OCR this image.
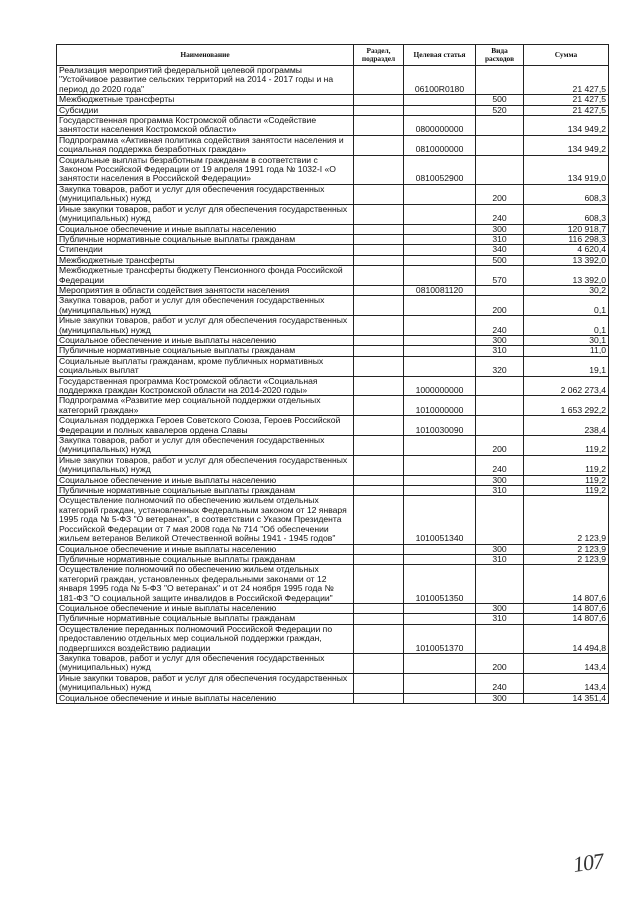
Наименование	Раздел, подраздел	Целевая статья	Вида расходов	Сумма
Реализация мероприятий федеральной целевой программы "Устойчивое развитие сельских территорий на 2014 - 2017 годы и на период до 2020 года"		06100R0180		21 427,5
Межбюджетные трансферты			500	21 427,5
Субсидии			520	21 427,5
Государственная программа Костромской области «Содействие занятости населения Костромской области»		0800000000		134 949,2
Подпрограмма «Активная политика содействия занятости населения и социальная поддержка безработных граждан»		0810000000		134 949,2
Социальные выплаты безработным гражданам в соответствии с Законом Российской Федерации от 19 апреля 1991 года № 1032-I «О занятости населения в Российской Федерации»		0810052900		134 919,0
Закупка товаров, работ и услуг для обеспечения государственных (муниципальных) нужд			200	608,3
Иные закупки товаров, работ и услуг для обеспечения государственных (муниципальных) нужд			240	608,3
Социальное обеспечение и иные выплаты населению			300	120 918,7
Публичные нормативные социальные выплаты гражданам			310	116 298,3
Стипендии			340	4 620,4
Межбюджетные трансферты			500	13 392,0
Межбюджетные трансферты бюджету Пенсионного фонда Российской Федерации			570	13 392,0
Мероприятия в области содействия занятости населения		0810081120		30,2
Закупка товаров, работ и услуг для обеспечения государственных (муниципальных) нужд			200	0,1
Иные закупки товаров, работ и услуг для обеспечения государственных (муниципальных) нужд			240	0,1
Социальное обеспечение и иные выплаты населению			300	30,1
Публичные нормативные социальные выплаты гражданам			310	11,0
Социальные выплаты гражданам, кроме публичных нормативных социальных выплат			320	19,1
Государственная программа Костромской области «Социальная поддержка граждан Костромской области на 2014-2020 годы»		1000000000		2 062 273,4
Подпрограмма «Развитие мер социальной поддержки отдельных категорий граждан»		1010000000		1 653 292,2
Социальная поддержка Героев Советского Союза, Героев Российской Федерации и полных кавалеров ордена Славы		1010030090		238,4
Закупка товаров, работ и услуг для обеспечения государственных (муниципальных) нужд			200	119,2
Иные закупки товаров, работ и услуг для обеспечения государственных (муниципальных) нужд			240	119,2
Социальное обеспечение и иные выплаты населению			300	119,2
Публичные нормативные социальные выплаты гражданам			310	119,2
Осуществление полномочий по обеспечению жильем отдельных категорий граждан, установленных Федеральным законом от 12 января 1995 года № 5-ФЗ "О ветеранах", в соответствии с Указом Президента Российской Федерации от 7 мая 2008 года № 714 "Об обеспечении жильем ветеранов Великой Отечественной войны 1941 - 1945 годов"		1010051340		2 123,9
Социальное обеспечение и иные выплаты населению			300	2 123,9
Публичные нормативные социальные выплаты гражданам			310	2 123,9
Осуществление полномочий по обеспечению жильем отдельных категорий граждан, установленных федеральными законами от 12 января 1995 года № 5-ФЗ "О ветеранах" и от 24 ноября 1995 года № 181-ФЗ "О социальной защите инвалидов в Российской Федерации"		1010051350		14 807,6
Социальное обеспечение и иные выплаты населению			300	14 807,6
Публичные нормативные социальные выплаты гражданам			310	14 807,6
Осуществление переданных полномочий Российской Федерации по предоставлению отдельных мер социальной поддержки граждан, подвергшихся воздействию радиации		1010051370		14 494,8
Закупка товаров, работ и услуг для обеспечения государственных (муниципальных) нужд			200	143,4
Иные закупки товаров, работ и услуг для обеспечения государственных (муниципальных) нужд			240	143,4
Социальное обеспечение и иные выплаты населению			300	14 351,4
107
